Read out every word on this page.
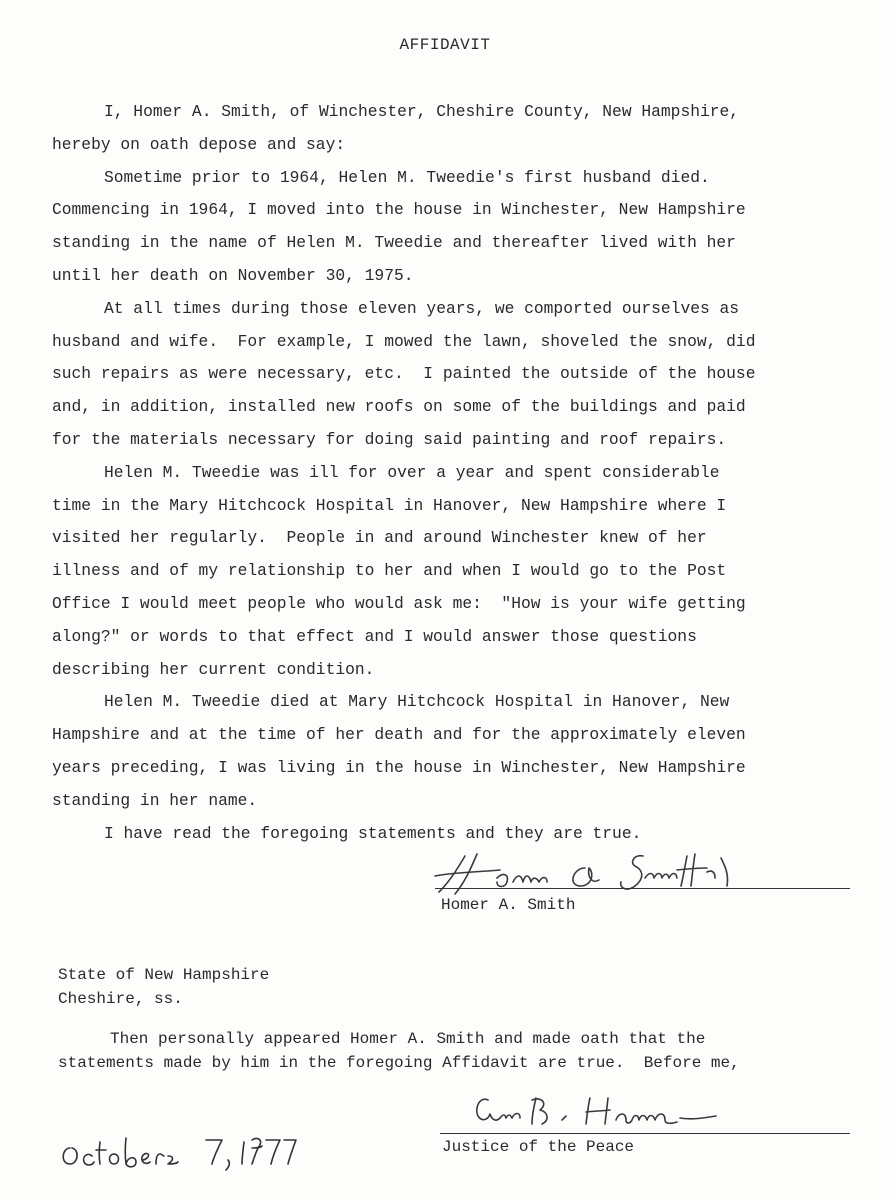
AFFIDAVIT
I, Homer A. Smith, of Winchester, Cheshire County, New Hampshire,
hereby on oath depose and say:
Sometime prior to 1964, Helen M. Tweedie's first husband died.
Commencing in 1964, I moved into the house in Winchester, New Hampshire
standing in the name of Helen M. Tweedie and thereafter lived with her
until her death on November 30, 1975.
At all times during those eleven years, we comported ourselves as
husband and wife.  For example, I mowed the lawn, shoveled the snow, did
such repairs as were necessary, etc.  I painted the outside of the house
and, in addition, installed new roofs on some of the buildings and paid
for the materials necessary for doing said painting and roof repairs.
Helen M. Tweedie was ill for over a year and spent considerable
time in the Mary Hitchcock Hospital in Hanover, New Hampshire where I
visited her regularly.  People in and around Winchester knew of her
illness and of my relationship to her and when I would go to the Post
Office I would meet people who would ask me:  "How is your wife getting
along?" or words to that effect and I would answer those questions
describing her current condition.
Helen M. Tweedie died at Mary Hitchcock Hospital in Hanover, New
Hampshire and at the time of her death and for the approximately eleven
years preceding, I was living in the house in Winchester, New Hampshire
standing in her name.
I have read the foregoing statements and they are true.
Homer A. Smith
State of New Hampshire
Cheshire, ss.
Then personally appeared Homer A. Smith and made oath that the
statements made by him in the foregoing Affidavit are true.  Before me,
Justice of the Peace
